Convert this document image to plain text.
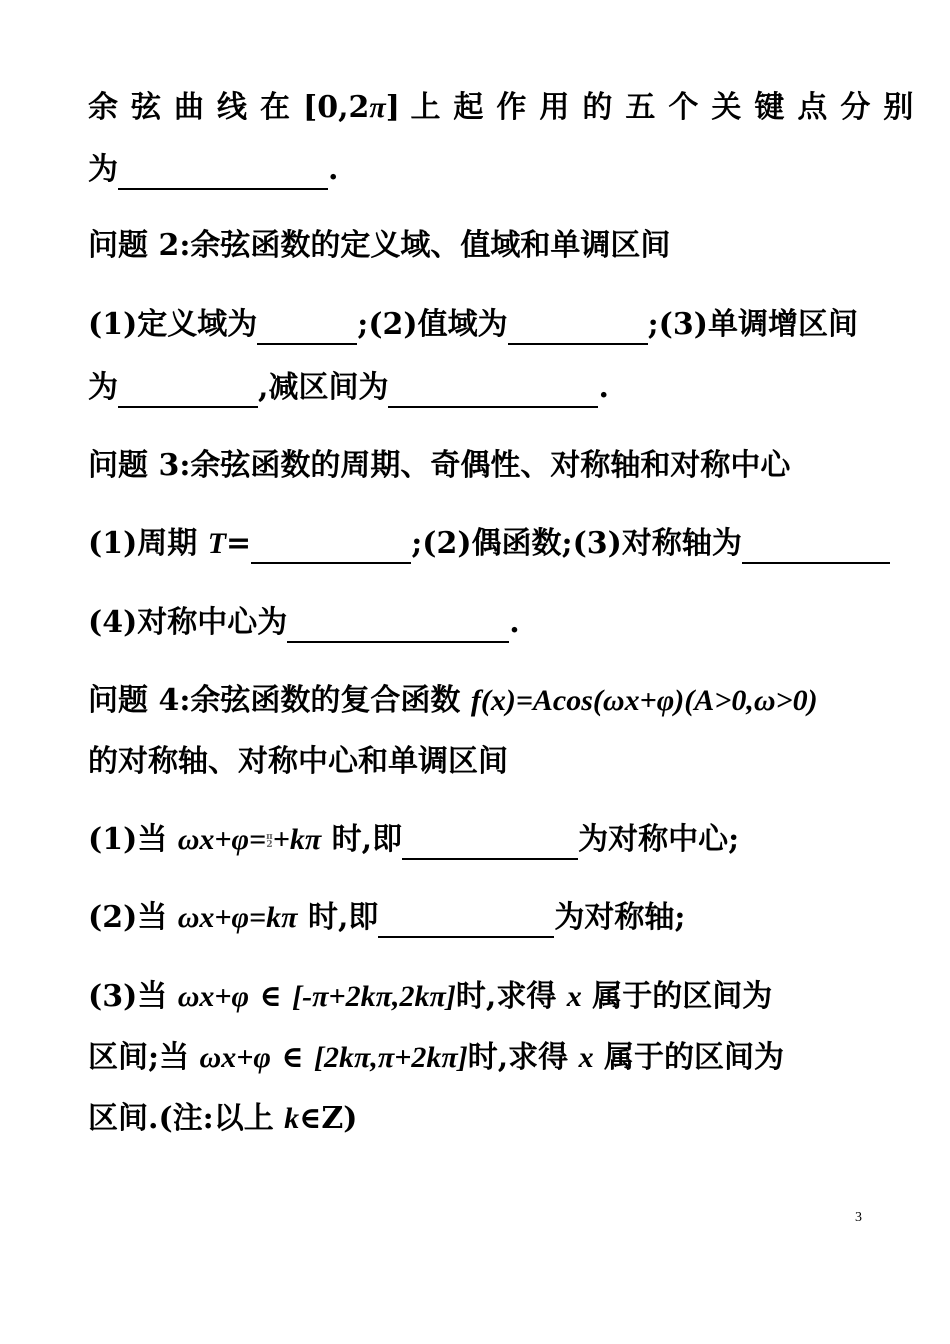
余弦曲线在[0,2π] 上起作用的五个关键点分别
为	.
问题 2:余弦函数的定义域、值域和单调区间
(1)定义域为	;(2)值域为	;(3)单调增区间
为	,减区间为	.
问题 3:余弦函数的周期、奇偶性、对称轴和对称中心
(1)周期 T=	;(2)偶函数;(3)对称轴为
(4)对称中心为	.
问题 4:余弦函数的复合函数 f(x)=Acos(ωx+φ)(A>0,ω>0)
的对称轴、对称中心和单调区间
(1)当 ωx+φ=π
2+kπ 时,即	为对称中心;
(2)当 ωx+φ=kπ 时,即	为对称轴;
(3)当 ωx+φ ∈ [-π+2kπ,2kπ]时,求得 x 属于的区间为
区间;当 ωx+φ ∈ [2kπ,π+2kπ]时,求得 x 属于的区间为
区间.(注:以上 k∈Z)
3
